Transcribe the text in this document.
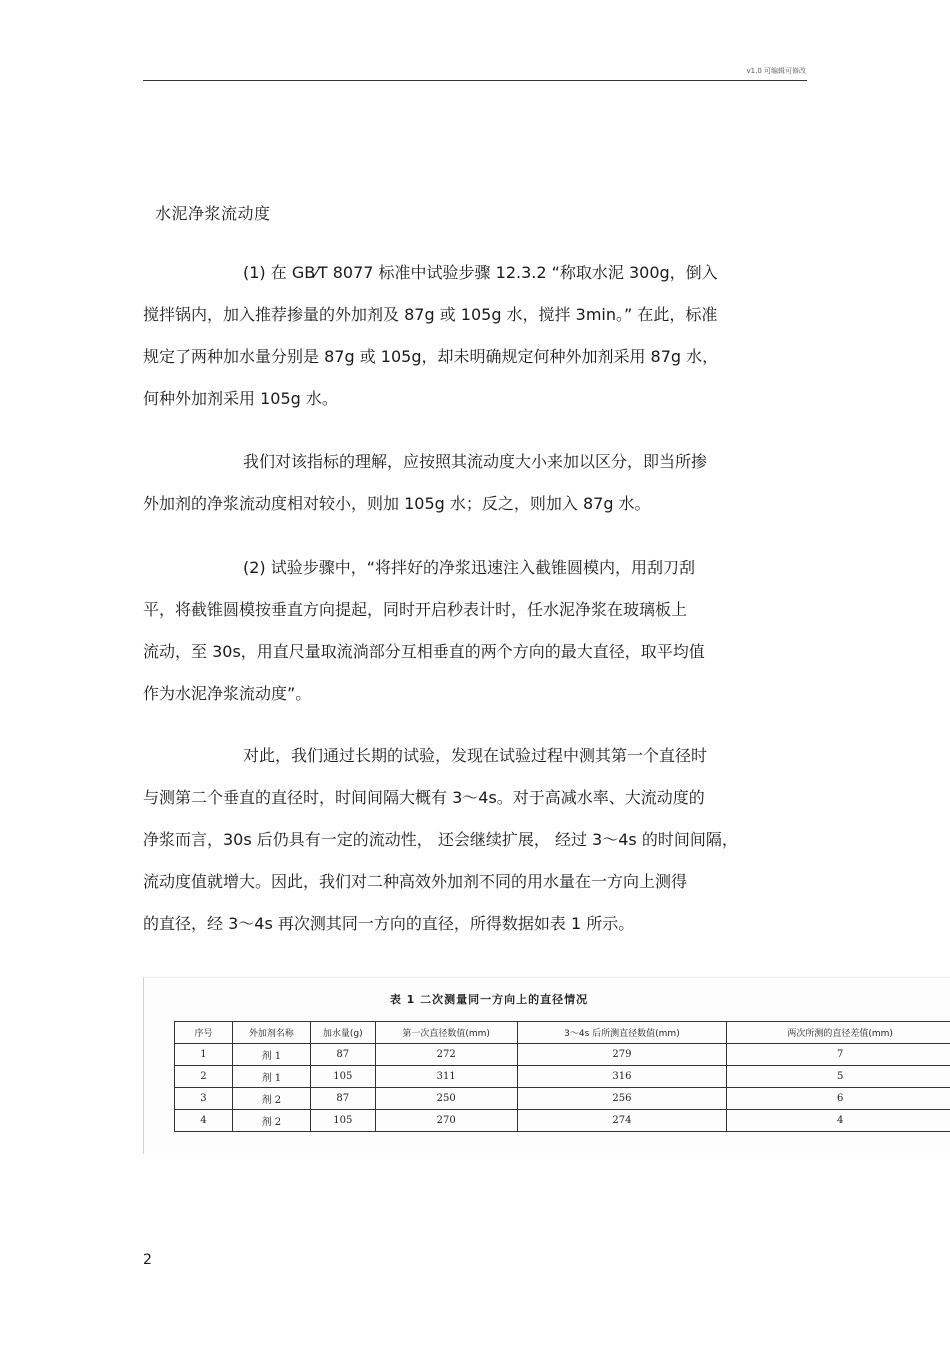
v1.0 可编辑可修改
水泥净浆流动度
(1) 在 GB⁄T 8077 标准中试验步骤 12.3.2 “称取水泥 300g，倒入
搅拌锅内，加入推荐掺量的外加剂及 87g 或 105g 水，搅拌 3min。” 在此，标准
规定了两种加水量分别是 87g 或 105g，却未明确规定何种外加剂采用 87g 水，
何种外加剂采用 105g 水。
我们对该指标的理解，应按照其流动度大小来加以区分，即当所掺
外加剂的净浆流动度相对较小，则加 105g 水；反之，则加入 87g 水。
(2) 试验步骤中，“将拌好的净浆迅速注入截锥圆模内，用刮刀刮
平，将截锥圆模按垂直方向提起，同时开启秒表计时，任水泥净浆在玻璃板上
流动，至 30s，用直尺量取流淌部分互相垂直的两个方向的最大直径，取平均值
作为水泥净浆流动度”。
对此，我们通过长期的试验，发现在试验过程中测其第一个直径时
与测第二个垂直的直径时，时间间隔大概有 3～4s。对于高减水率、大流动度的
净浆而言，30s 后仍具有一定的流动性， 还会继续扩展， 经过 3～4s 的时间间隔，
流动度值就增大。因此，我们对二种高效外加剂不同的用水量在一方向上测得
的直径，经 3～4s 再次测其同一方向的直径，所得数据如表 1 所示。
表 1 二次测量同一方向上的直径情况
序号	外加剂名称	加水量(g)	第一次直径数值(mm)	3～4s 后所测直径数值(mm)	两次所测的直径差值(mm)
1	剂 1	87	272	279	7
2	剂 1	105	311	316	5
3	剂 2	87	250	256	6
4	剂 2	105	270	274	4
2
